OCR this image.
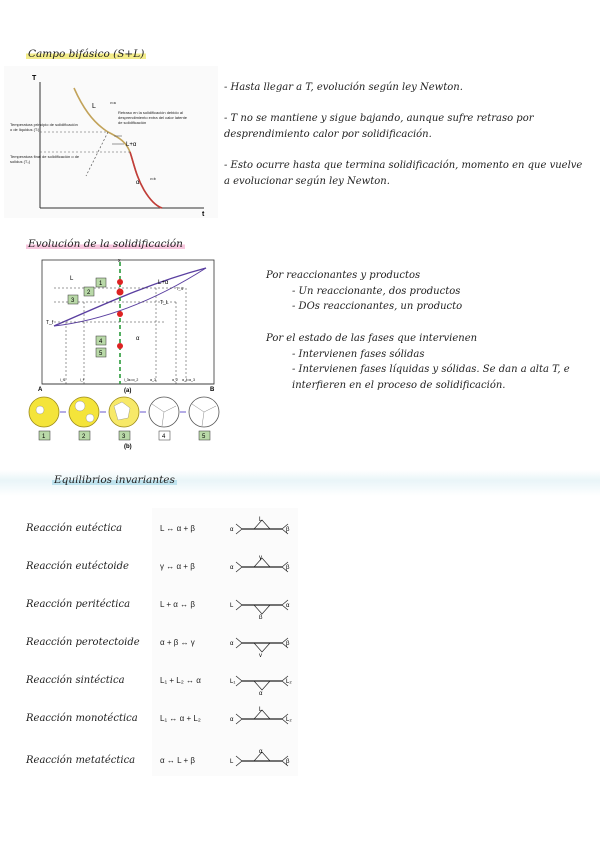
Campo bifásico (S+L)
T
t
L	v=a
L+α
α
v=b
Retraso en la solidificación debido al desprendimiento extra del calor latente de solidificación
Temperatura principio de solidificación o de liquidus (Tₗ)
Temperatura final de solidificación o de solidus (Tₛ)
- Hasta llegar a T, evolución según ley Newton.
- T no se mantiene y sigue bajando, aunque sufre retraso por desprendimiento calor por solidificación.
- Esto ocurre hasta que termina solidificación, momento en que vuelve a evolucionar según ley Newton.
Evolución de la solidificación
A	B
x
1
2
3
4
5
L
L+α
α
T_f
T_L
T_S
l_f1	l_f	l_3s=α_2	α_3	α_2 α_f=α_3
(a)
(b)
1	2	3	4	5
Por reaccionantes y productos
- Un reaccionante, dos productos
- DOs reaccionantes, un producto
Por el estado de las fases que intervienen
- Intervienen fases sólidas
- Intervienen fases líquidas y sólidas. Se dan a alta T, e interfieren en el proceso de solidificación.
Equilibrios invariantes
Reacción eutéctica	L ↔ α + β
L
α	β
Reacción eutéctoide	γ ↔ α + β
γ
α	β
Reacción peritéctica	L + α ↔ β	L	α
β
Reacción perotectoide	α + β ↔ γ	α	β
γ
Reacción sintéctica	L₁ + L₂ ↔ α	L₁	L₂
α
Reacción monotéctica	L₁ ↔ α + L₂
L
α	L₂
Reacción metatéctica	α ↔ L + β
α
L	β
